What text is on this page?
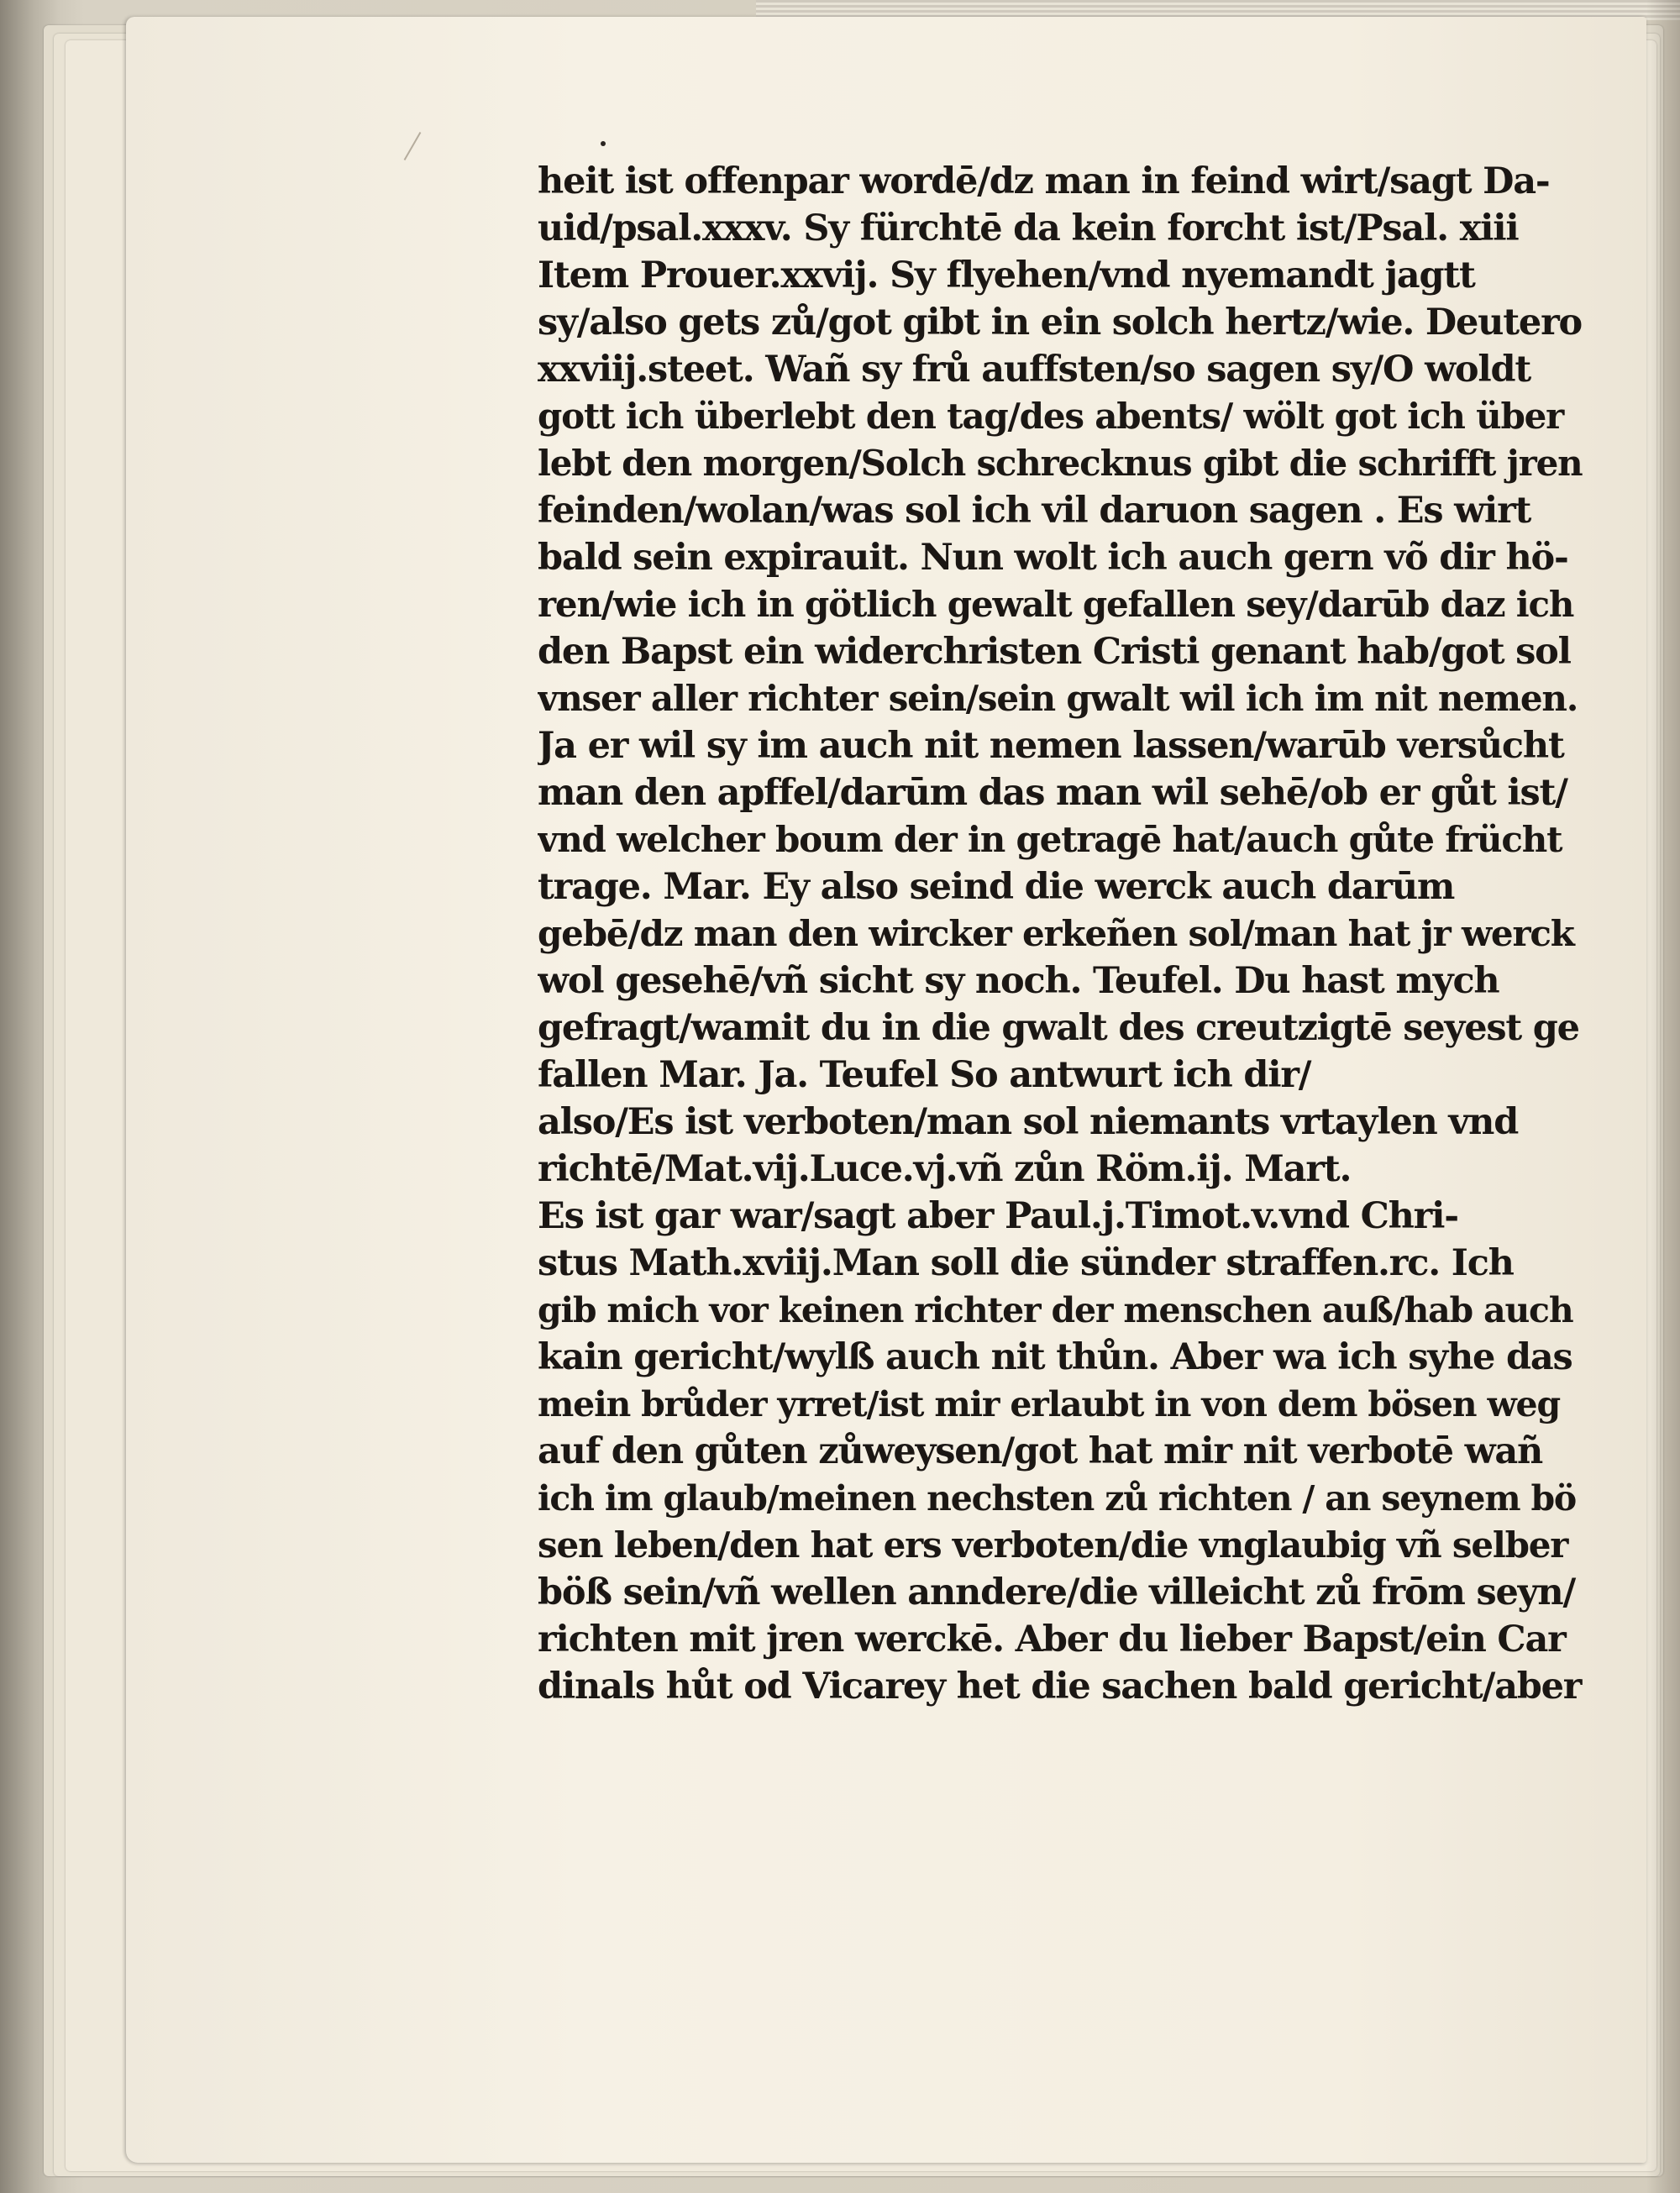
heit ist offenpar wordē/dz man in feind wirt/sagt Da-
uid/psal.xxxv. Sy fürchtē da kein forcht ist/Psal. xiii
Item Prouer.xxvij. Sy flyehen/vnd nyemandt jagtt
sy/also gets zů/got gibt in ein solch hertz/wie. Deutero
xxviij.steet. Wañ sy frů auffsten/so sagen sy/O woldt
gott ich überlebt den tag/des abents/ wölt got ich über
lebt den morgen/Solch schrecknus gibt die schrifft jren
feinden/wolan/was sol ich vil daruon sagen . Es wirt
bald sein expirauit. Nun wolt ich auch gern võ dir hö-
ren/wie ich in götlich gewalt gefallen sey/darūb daz ich
den Bapst ein widerchristen Cristi genant hab/got sol
vnser aller richter sein/sein gwalt wil ich im nit nemen.
Ja er wil sy im auch nit nemen lassen/warūb versůcht
man den apffel/darūm das man wil sehē/ob er gůt ist/
vnd welcher boum der in getragē hat/auch gůte frücht
trage. Mar. Ey also seind die werck auch darūm
gebē/dz man den wircker erkeñen sol/man hat jr werck
wol gesehē/vñ sicht sy noch. Teufel. Du hast mych
gefragt/wamit du in die gwalt des creutzigtē seyest ge
fallen Mar. Ja. Teufel So antwurt ich dir/
also/Es ist verboten/man sol niemants vrtaylen vnd
richtē/Mat.vij.Luce.vj.vñ zůn Röm.ij. Mart.
Es ist gar war/sagt aber Paul.j.Timot.v.vnd Chri-
stus Math.xviij.Man soll die sünder straffen.rc. Ich
gib mich vor keinen richter der menschen auß/hab auch
kain gericht/wylß auch nit thůn. Aber wa ich syhe das
mein brůder yrret/ist mir erlaubt in von dem bösen weg
auf den gůten zůweysen/got hat mir nit verbotē wañ
ich im glaub/meinen nechsten zů richten / an seynem bö
sen leben/den hat ers verboten/die vnglaubig vñ selber
böß sein/vñ wellen anndere/die villeicht zů frōm seyn/
richten mit jren werckē. Aber du lieber Bapst/ein Car
dinals hůt od Vicarey het die sachen bald gericht/aber
